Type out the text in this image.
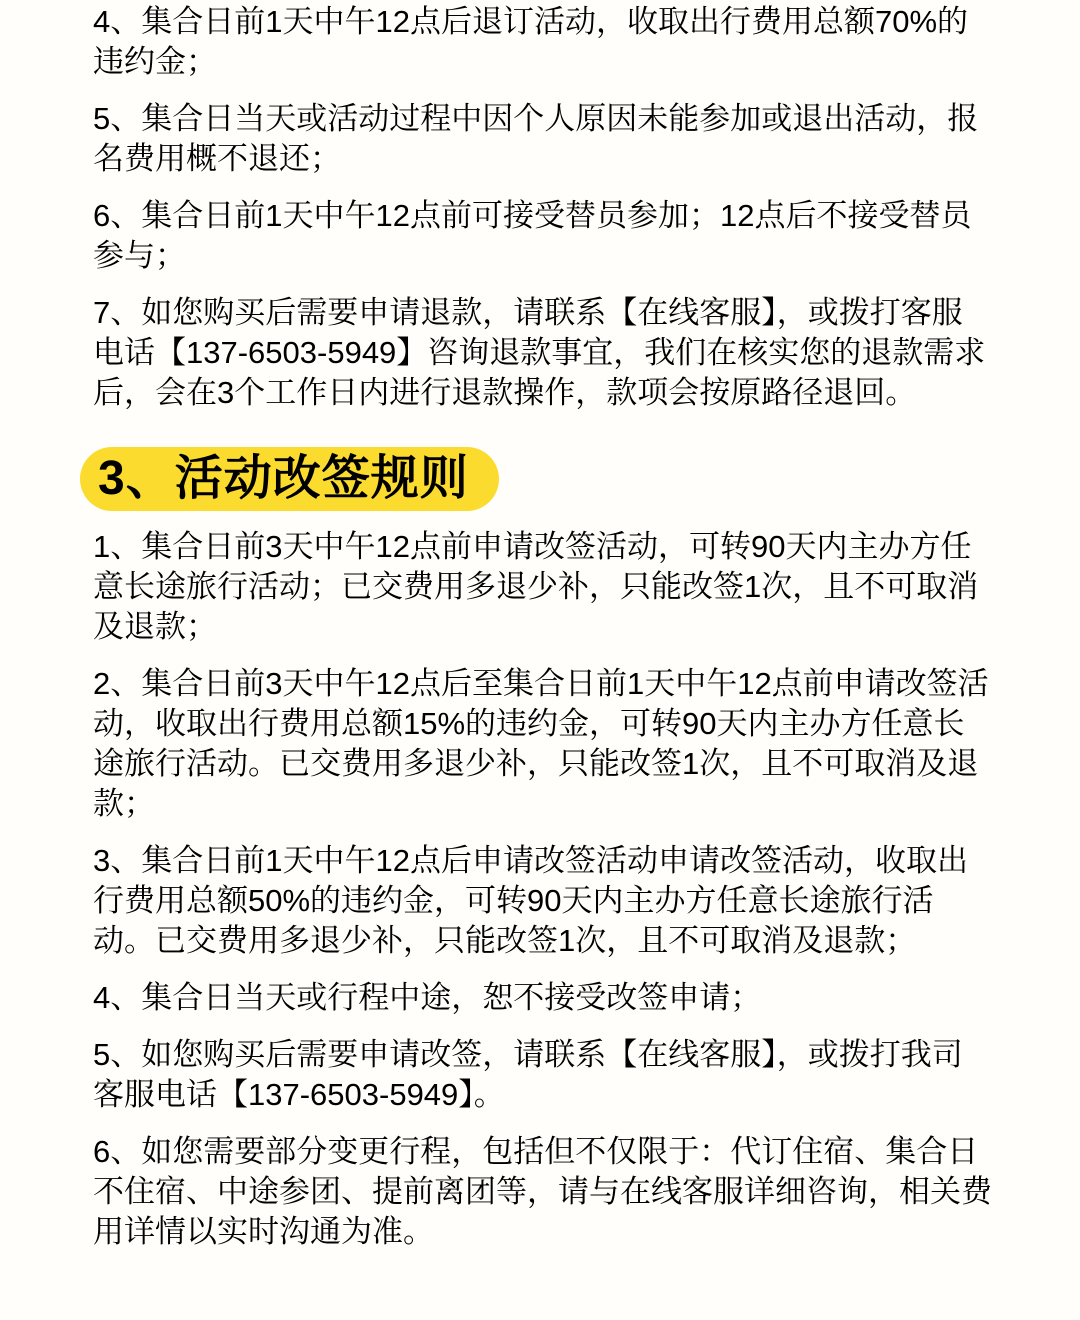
4、集合日前1天中午12点后退订活动，收取出行费用总额70%的违约金；

5、集合日当天或活动过程中因个人原因未能参加或退出活动，报名费用概不退还；

6、集合日前1天中午12点前可接受替员参加；12点后不接受替员参与；

7、如您购买后需要申请退款，请联系【在线客服】，或拨打客服电话【137-6503-5949】咨询退款事宜，我们在核实您的退款需求后，会在3个工作日内进行退款操作，款项会按原路径退回。

3、活动改签规则

1、集合日前3天中午12点前申请改签活动，可转90天内主办方任意长途旅行活动；已交费用多退少补，只能改签1次，且不可取消及退款；

2、集合日前3天中午12点后至集合日前1天中午12点前申请改签活动，收取出行费用总额15%的违约金，可转90天内主办方任意长途旅行活动。已交费用多退少补，只能改签1次，且不可取消及退款；

3、集合日前1天中午12点后申请改签活动申请改签活动，收取出行费用总额50%的违约金，可转90天内主办方任意长途旅行活动。已交费用多退少补，只能改签1次，且不可取消及退款；

4、集合日当天或行程中途，恕不接受改签申请；

5、如您购买后需要申请改签，请联系【在线客服】，或拨打我司客服电话【137-6503-5949】。

6、如您需要部分变更行程，包括但不仅限于：代订住宿、集合日不住宿、中途参团、提前离团等，请与在线客服详细咨询，相关费用详情以实时沟通为准。
